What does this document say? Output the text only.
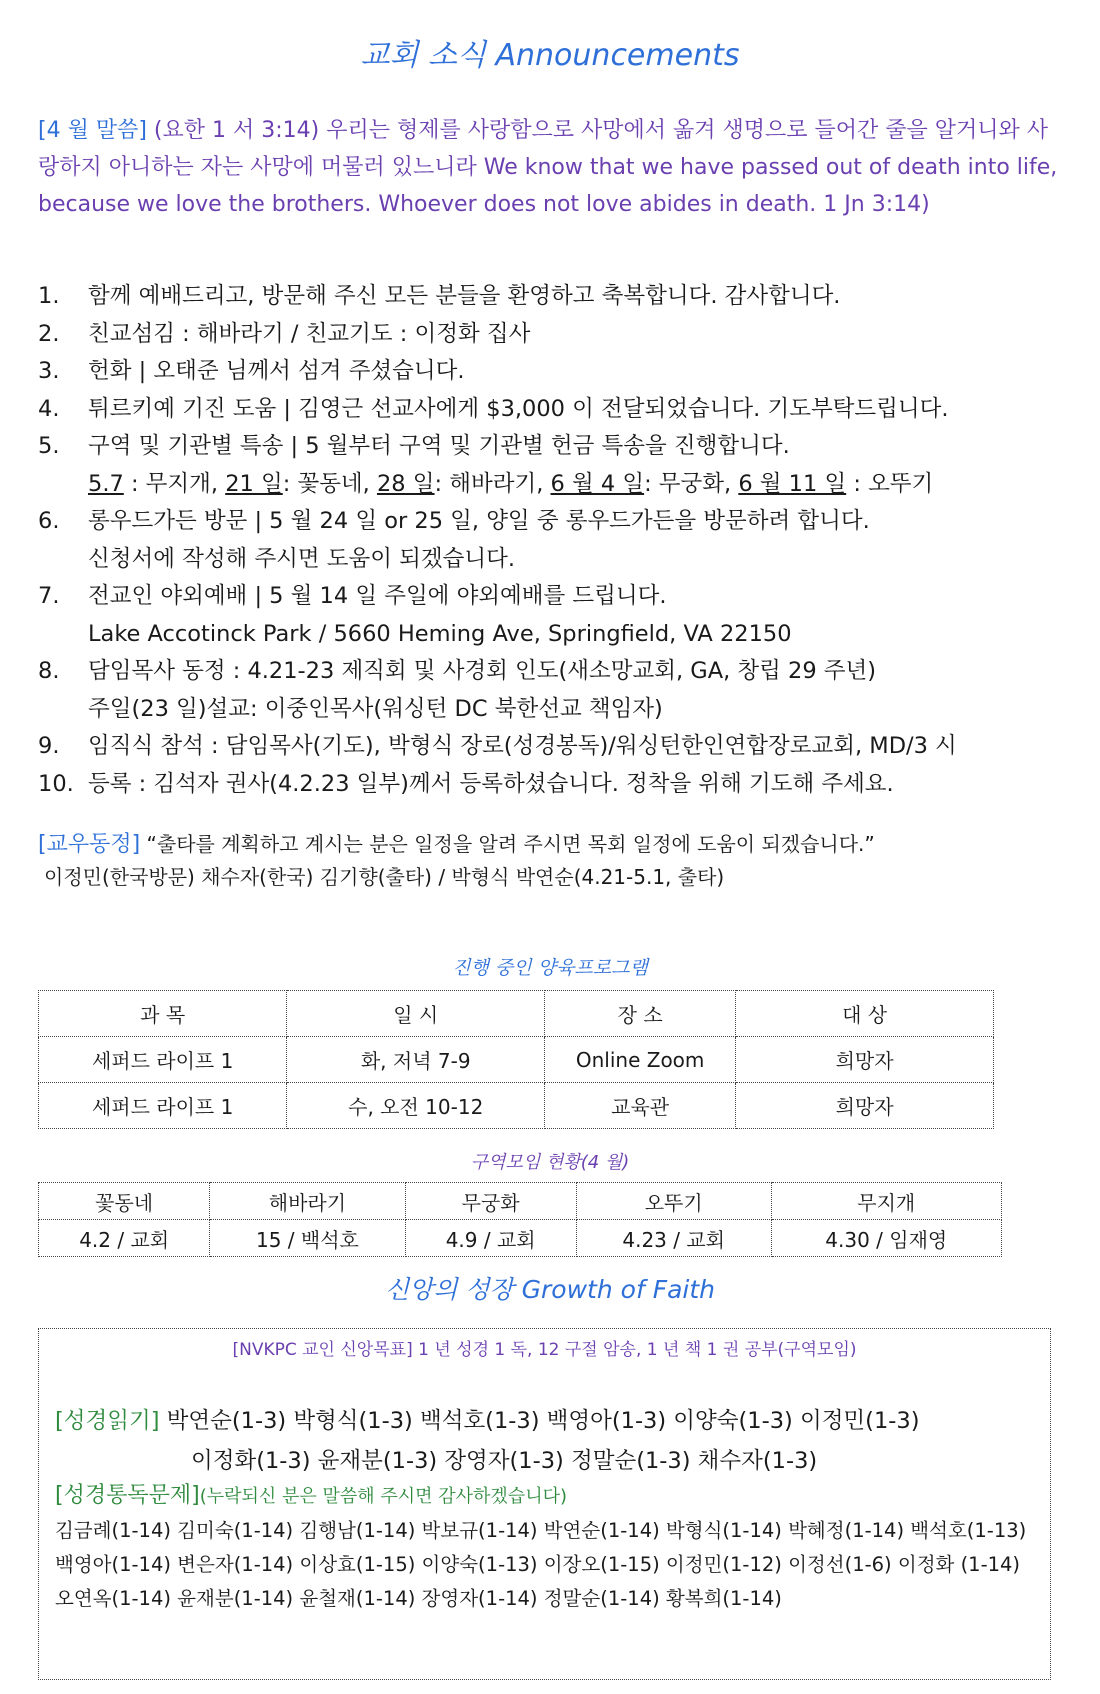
교회 소식 Announcements
[4 월 말씀] (요한 1 서 3:14) 우리는 형제를 사랑함으로 사망에서 옮겨 생명으로 들어간 줄을 알거니와 사랑하지 아니하는 자는 사망에 머물러 있느니라 We know that we have passed out of death into life, because we love the brothers. Whoever does not love abides in death. 1 Jn 3:14)
1.	함께 예배드리고, 방문해 주신 모든 분들을 환영하고 축복합니다. 감사합니다.
2.	친교섬김 : 해바라기 / 친교기도 : 이정화 집사
3.	헌화 | 오태준 님께서 섬겨 주셨습니다.
4.	튀르키예 기진 도움 | 김영근 선교사에게 $3,000 이 전달되었습니다. 기도부탁드립니다.
5.	구역 및 기관별 특송 | 5 월부터 구역 및 기관별 헌금 특송을 진행합니다.
5.7 : 무지개, 21 일: 꽃동네, 28 일: 해바라기, 6 월 4 일: 무궁화, 6 월 11 일 : 오뚜기
6.	롱우드가든 방문 | 5 월 24 일 or 25 일, 양일 중 롱우드가든을 방문하려 합니다.
신청서에 작성해 주시면 도움이 되겠습니다.
7.	전교인 야외예배 | 5 월 14 일 주일에 야외예배를 드립니다.
Lake Accotinck Park / 5660 Heming Ave, Springfield, VA 22150
8.	담임목사 동정 : 4.21-23 제직회 및 사경회 인도(새소망교회, GA, 창립 29 주년)
주일(23 일)설교: 이중인목사(워싱턴 DC 북한선교 책임자)
9.	임직식 참석 : 담임목사(기도), 박형식 장로(성경봉독)/워싱턴한인연합장로교회, MD/3 시
10. 등록 : 김석자 권사(4.2.23 일부)께서 등록하셨습니다. 정착을 위해 기도해 주세요.
[교우동정] “출타를 계획하고 계시는 분은 일정을 알려 주시면 목회 일정에 도움이 되겠습니다.”
이정민(한국방문) 채수자(한국) 김기향(출타) / 박형식 박연순(4.21-5.1, 출타)
진행 중인 양육프로그램
과 목	일 시	장 소	대 상
세퍼드 라이프 1	화, 저녁 7-9	Online Zoom	희망자
세퍼드 라이프 1	수, 오전 10-12	교육관	희망자
구역모임 현황(4 월)
꽃동네	해바라기	무궁화	오뚜기	무지개
4.2 / 교회	15 / 백석호	4.9 / 교회	4.23 / 교회	4.30 / 임재영
신앙의 성장 Growth of Faith
[NVKPC 교인 신앙목표] 1 년 성경 1 독, 12 구절 암송, 1 년 책 1 권 공부(구역모임)
[성경읽기] 박연순(1-3) 박형식(1-3) 백석호(1-3) 백영아(1-3) 이양숙(1-3) 이정민(1-3)
이정화(1-3) 윤재분(1-3) 장영자(1-3) 정말순(1-3) 채수자(1-3)
[성경통독문제](누락되신 분은 말씀해 주시면 감사하겠습니다)
김금례(1-14) 김미숙(1-14) 김행남(1-14) 박보규(1-14) 박연순(1-14) 박형식(1-14) 박혜정(1-14) 백석호(1-13) 백영아(1-14) 변은자(1-14) 이상효(1-15) 이양숙(1-13) 이장오(1-15) 이정민(1-12) 이정선(1-6) 이정화 (1-14) 오연옥(1-14) 윤재분(1-14) 윤철재(1-14) 장영자(1-14) 정말순(1-14) 황복희(1-14)
